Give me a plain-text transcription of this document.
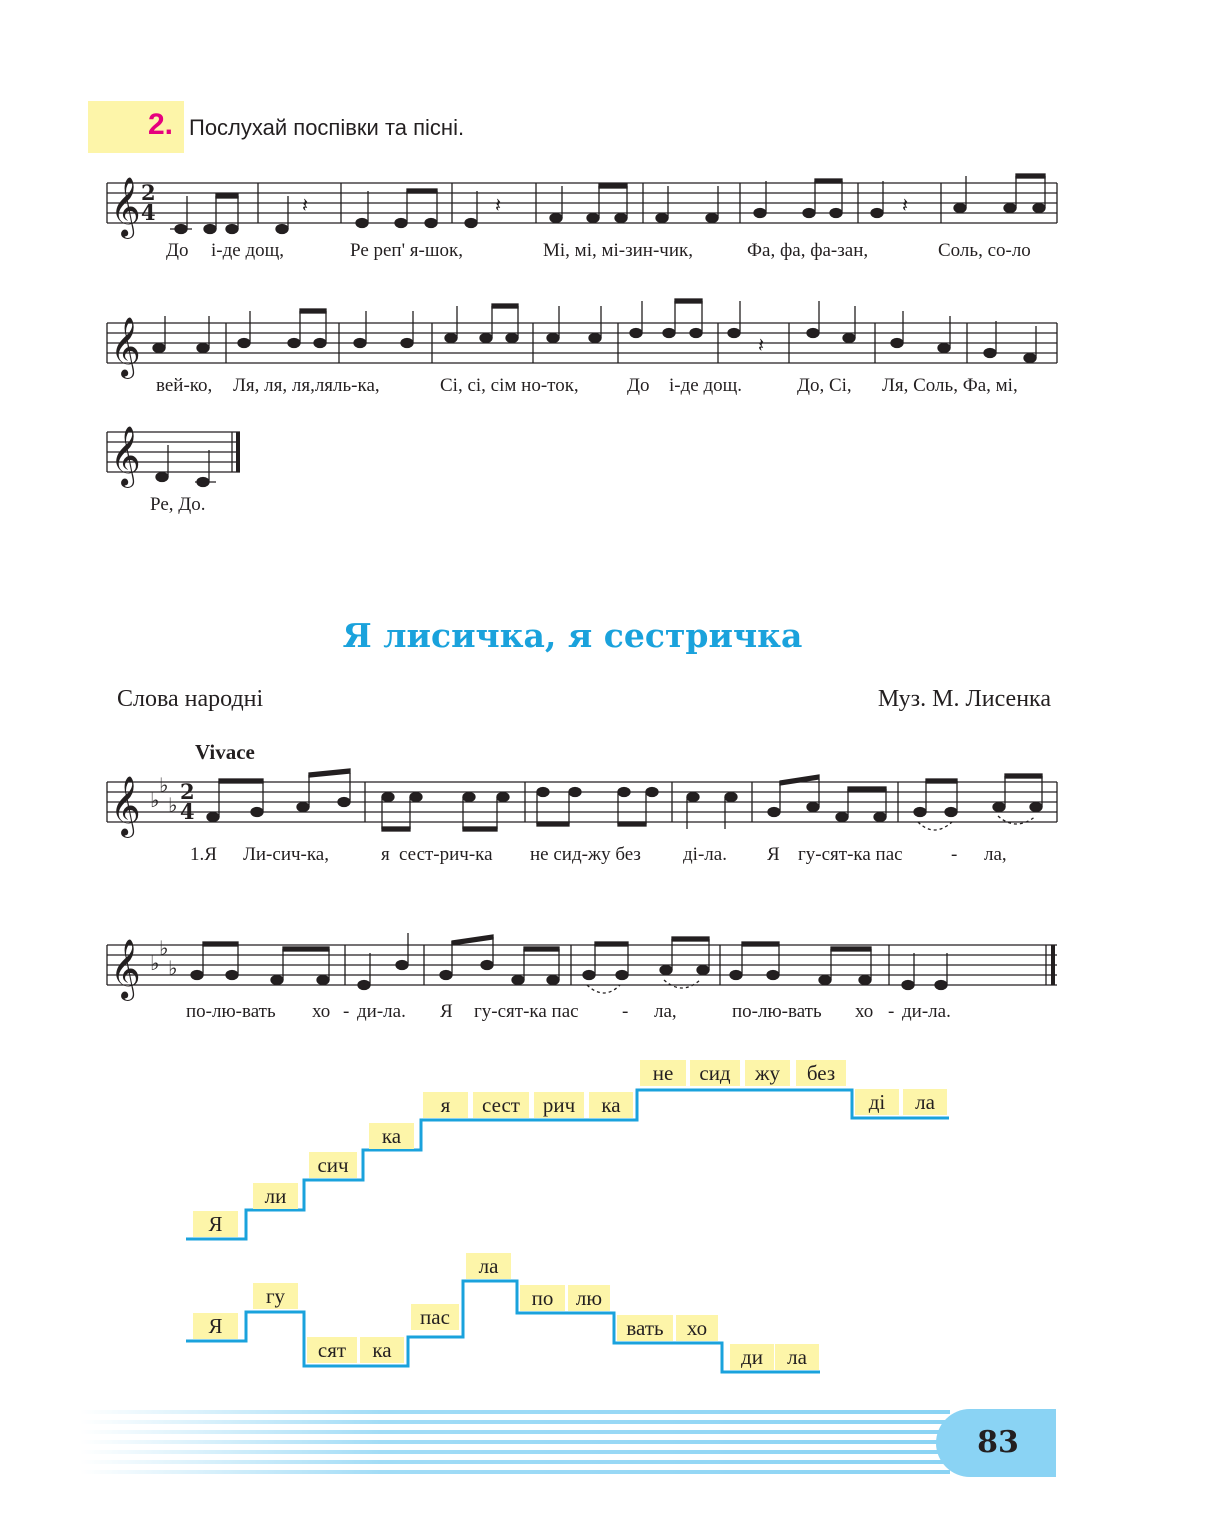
2. Послухай поспівки та пісні.
𝄞 2
4	𝄽	𝄽	𝄽
До і-де дощ,	Ре реп' я-шок,	Мі, мі, мі-зин-чик,	Фа, фа, фа-зан,	Соль, со-ло
𝄞	𝄽
вей-ко, Ля, ля, ля,ляль-ка,	Сі, сі, сім но-ток,	До і-де дощ.	До, Сі, Ля, Соль, Фа, мі,
𝄞
Ре, До.
Я лисичка, я сестричка
Слова народні	Муз. М. Лисенка
Vivace
𝄞 ♭
♭
♭
2
4
1.Я Ли-сич-ка,	я сест-рич-ка не сид-жу без ді-ла. Я гу-сят-ка пас	- ла,
𝄞 ♭
♭
♭
по-лю-вать хо - ди-ла. Я гу-сят-ка пас - ла,	по-лю-вать хо - ди-ла.
Я
ли
сич
ка
я	сест	рич	ка
не	сид	жу	без
ді	ла
Я
гу
сят	ка
пас
ла
по	лю
вать	хо
ди	ла
83
